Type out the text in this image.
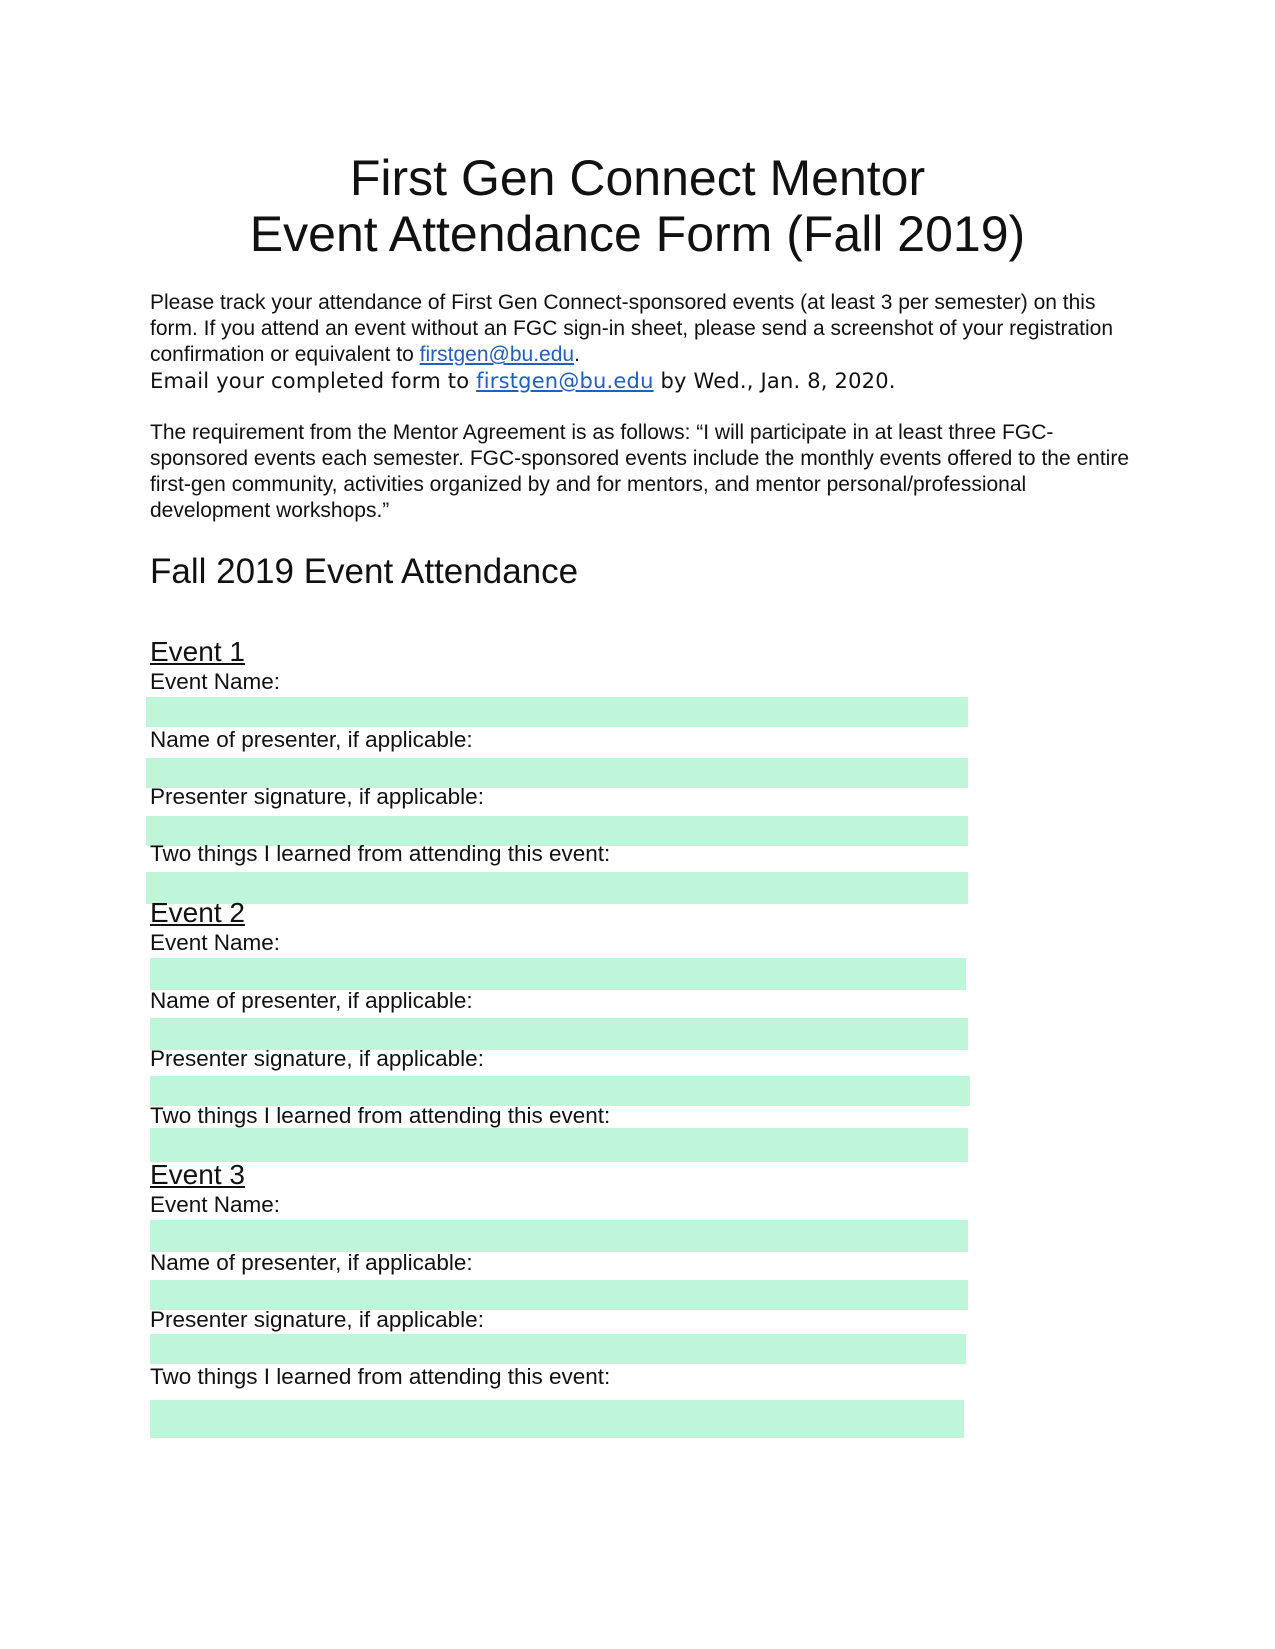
First Gen Connect Mentor
Event Attendance Form (Fall 2019)
Please track your attendance of First Gen Connect-sponsored events (at least 3 per semester) on this form. If you attend an event without an FGC sign-in sheet, please send a screenshot of your registration confirmation or equivalent to firstgen@bu.edu.
Email your completed form to firstgen@bu.edu by Wed., Jan. 8, 2020.
The requirement from the Mentor Agreement is as follows: “I will participate in at least three FGC-sponsored events each semester. FGC-sponsored events include the monthly events offered to the entire first-gen community, activities organized by and for mentors, and mentor personal/professional development workshops.”
Fall 2019 Event Attendance
Event 1
Event Name:
Name of presenter, if applicable:
Presenter signature, if applicable:
Two things I learned from attending this event:
Event 2
Event Name:
Name of presenter, if applicable:
Presenter signature, if applicable:
Two things I learned from attending this event:
Event 3
Event Name:
Name of presenter, if applicable:
Presenter signature, if applicable:
Two things I learned from attending this event:
